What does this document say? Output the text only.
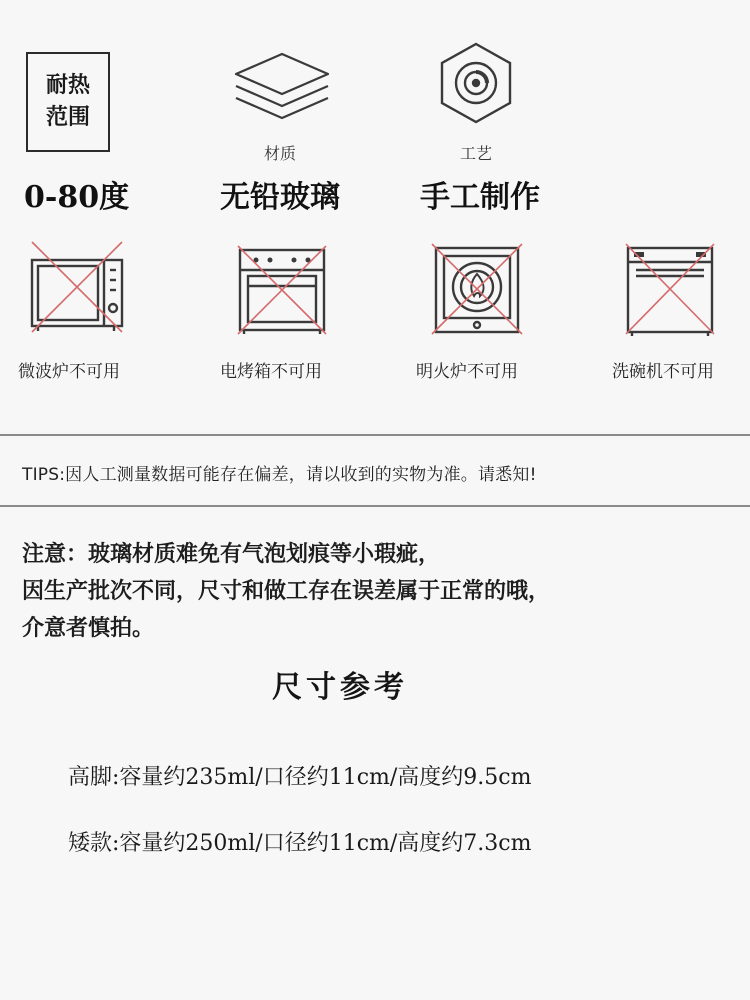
耐热
范围
0-80度
材质
无铅玻璃
工艺
手工制作
微波炉不可用	电烤箱不可用	明火炉不可用	洗碗机不可用
TIPS:因人工测量数据可能存在偏差，请以收到的实物为准。请悉知!
注意：玻璃材质难免有气泡划痕等小瑕疵，
因生产批次不同，尺寸和做工存在误差属于正常的哦，
介意者慎拍。
尺寸参考
高脚:容量约235ml/口径约11cm/高度约9.5cm
矮款:容量约250ml/口径约11cm/高度约7.3cm
